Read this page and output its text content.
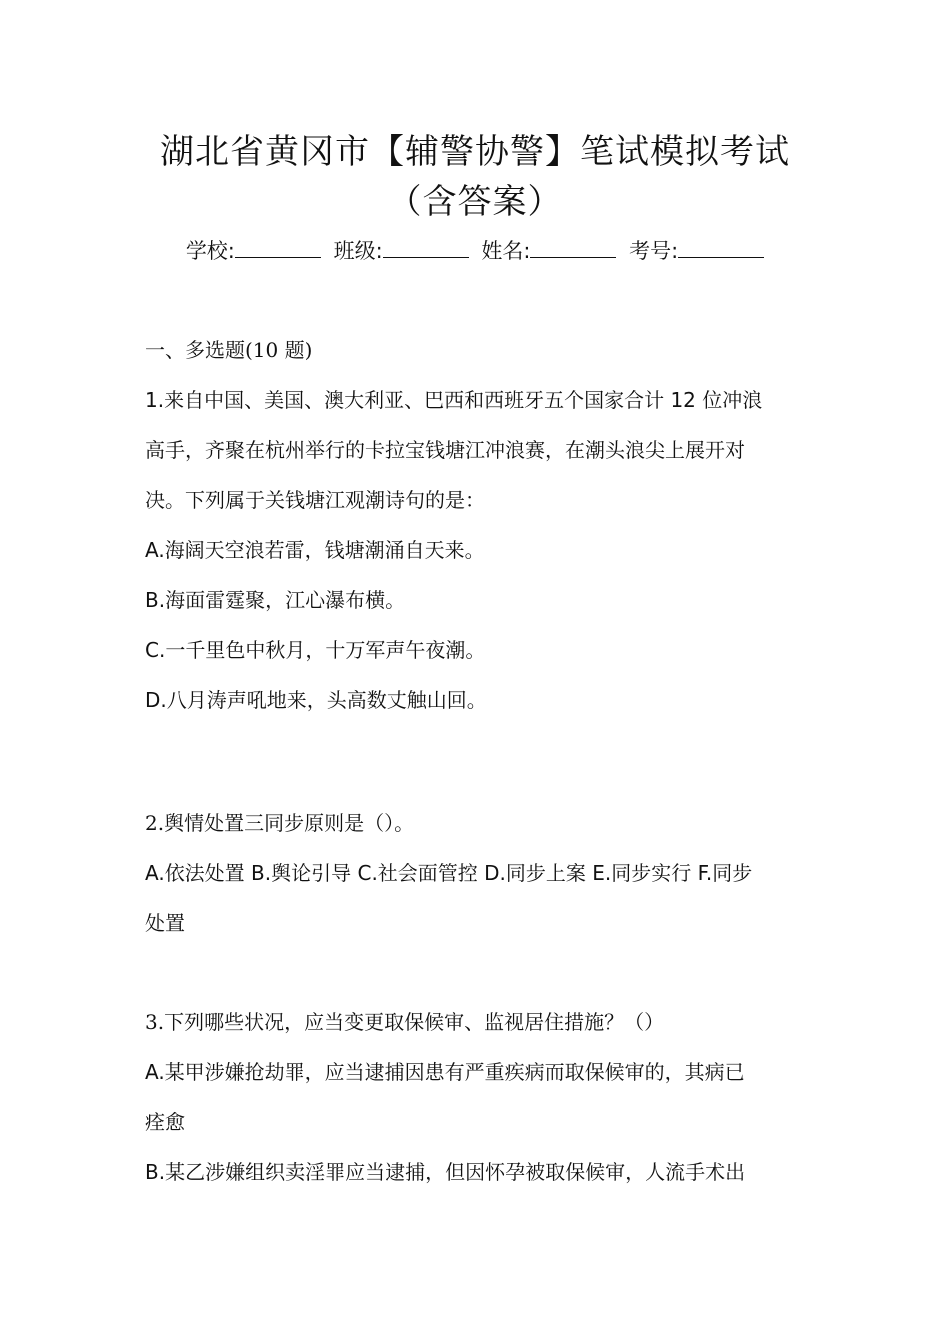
湖北省黄冈市【辅警协警】笔试模拟考试
（含答案）
学校:	班级:	姓名:	考号:
一、多选题(10 题)
1.来自中国、美国、澳大利亚、巴西和西班牙五个国家合计 12 位冲浪
高手，齐聚在杭州举行的卡拉宝钱塘江冲浪赛，在潮头浪尖上展开对
决。下列属于关钱塘江观潮诗句的是：
A.海阔天空浪若雷，钱塘潮涌自天来。
B.海面雷霆聚，江心瀑布横。
C.一千里色中秋月，十万军声午夜潮。
D.八月涛声吼地来，头高数丈触山回。
2.舆情处置三同步原则是（）。
A.依法处置 B.舆论引导 C.社会面管控 D.同步上案 E.同步实行 F.同步
处置
3.下列哪些状况，应当变更取保候审、监视居住措施？（）
A.某甲涉嫌抢劫罪，应当逮捕因患有严重疾病而取保候审的，其病已
痊愈
B.某乙涉嫌组织卖淫罪应当逮捕，但因怀孕被取保候审，人流手术出
